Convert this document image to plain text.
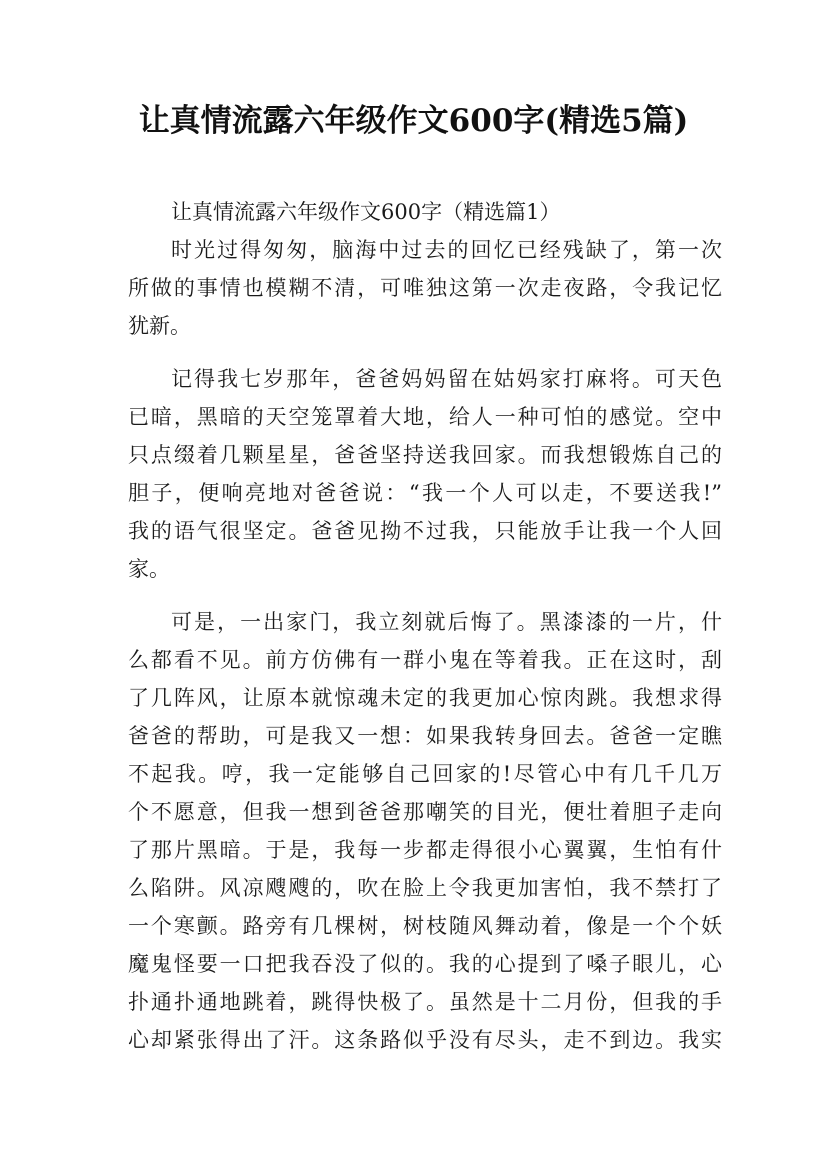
让真情流露六年级作文600字(精选5篇)
让真情流露六年级作文600字（精选篇1）
时光过得匆匆，脑海中过去的回忆已经残缺了，第一次
所做的事情也模糊不清，可唯独这第一次走夜路，令我记忆
犹新。
记得我七岁那年，爸爸妈妈留在姑妈家打麻将。可天色
已暗，黑暗的天空笼罩着大地，给人一种可怕的感觉。空中
只点缀着几颗星星，爸爸坚持送我回家。而我想锻炼自己的
胆子，便响亮地对爸爸说：“我一个人可以走，不要送我!”
我的语气很坚定。爸爸见拗不过我，只能放手让我一个人回
家。
可是，一出家门，我立刻就后悔了。黑漆漆的一片，什
么都看不见。前方仿佛有一群小鬼在等着我。正在这时，刮
了几阵风，让原本就惊魂未定的我更加心惊肉跳。我想求得
爸爸的帮助，可是我又一想：如果我转身回去。爸爸一定瞧
不起我。哼，我一定能够自己回家的!尽管心中有几千几万
个不愿意，但我一想到爸爸那嘲笑的目光，便壮着胆子走向
了那片黑暗。于是，我每一步都走得很小心翼翼，生怕有什
么陷阱。风凉飕飕的，吹在脸上令我更加害怕，我不禁打了
一个寒颤。路旁有几棵树，树枝随风舞动着，像是一个个妖
魔鬼怪要一口把我吞没了似的。我的心提到了嗓子眼儿，心
扑通扑通地跳着，跳得快极了。虽然是十二月份，但我的手
心却紧张得出了汗。这条路似乎没有尽头，走不到边。我实
